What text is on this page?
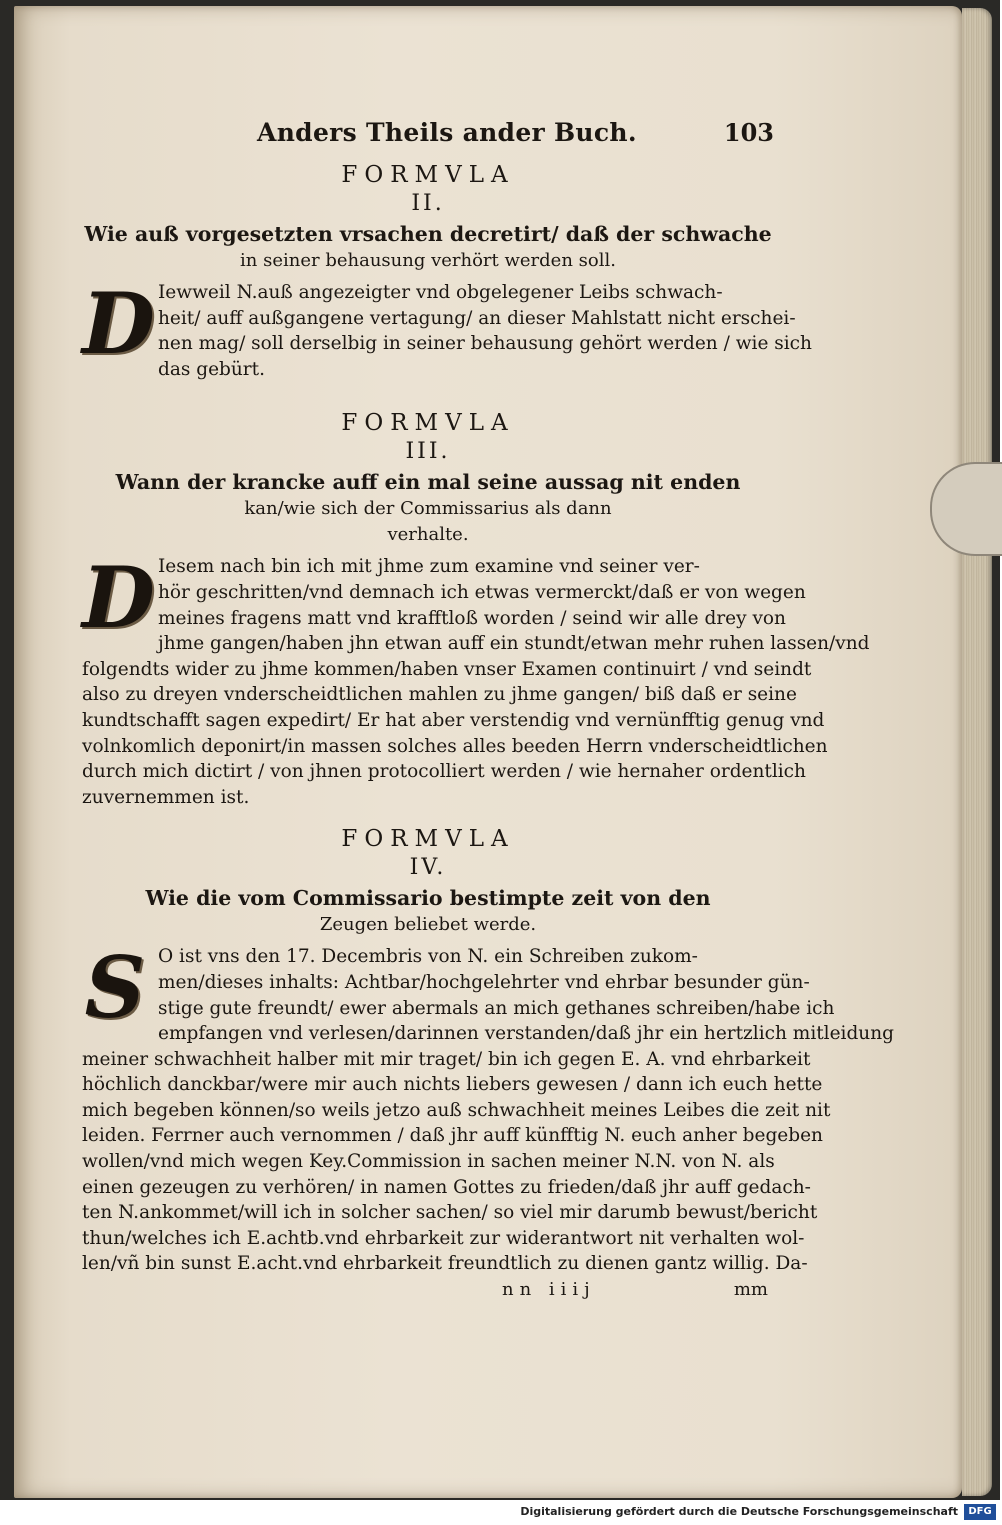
Anders Theils ander Buch.	103

FORMVLA

II.

Wie auß vorgesetzten vrsachen decretirt/ daß der schwache

in seiner behausung verhört werden soll.

D Iewweil N.auß angezeigter vnd obgelegener Leibs schwach-
heit/ auff außgangene vertagung/ an dieser Mahlstatt nicht erschei-
nen mag/ soll derselbig in seiner behausung gehört werden / wie sich
das gebürt.

FORMVLA

III.

Wann der krancke auff ein mal seine aussag nit enden

kan/wie sich der Commissarius als dann

verhalte.

D Iesem nach bin ich mit jhme zum examine vnd seiner ver-
hör geschritten/vnd demnach ich etwas vermerckt/daß er von wegen
meines fragens matt vnd krafftloß worden / seind wir alle drey von
jhme gangen/haben jhn etwan auff ein stundt/etwan mehr ruhen lassen/vnd
folgendts wider zu jhme kommen/haben vnser Examen continuirt / vnd seindt
also zu dreyen vnderscheidtlichen mahlen zu jhme gangen/ biß daß er seine
kundtschafft sagen expedirt/ Er hat aber verstendig vnd vernünfftig genug vnd
volnkomlich deponirt/in massen solches alles beeden Herrn vnderscheidtlichen
durch mich dictirt / von jhnen protocolliert werden / wie hernaher ordentlich
zuvernemmen ist.

FORMVLA

IV.

Wie die vom Commissario bestimpte zeit von den

Zeugen beliebet werde.

S O ist vns den 17. Decembris von N. ein Schreiben zukom-
men/dieses inhalts: Achtbar/hochgelehrter vnd ehrbar besunder gün-
stige gute freundt/ ewer abermals an mich gethanes schreiben/habe ich
empfangen vnd verlesen/darinnen verstanden/daß jhr ein hertzlich mitleidung
meiner schwachheit halber mit mir traget/ bin ich gegen E. A. vnd ehrbarkeit
höchlich danckbar/were mir auch nichts liebers gewesen / dann ich euch hette
mich begeben können/so weils jetzo auß schwachheit meines Leibes die zeit nit
leiden. Ferrner auch vernommen / daß jhr auff künfftig N. euch anher begeben
wollen/vnd mich wegen Key.Commission in sachen meiner N.N. von N. als
einen gezeugen zu verhören/ in namen Gottes zu frieden/daß jhr auff gedach-
ten N.ankommet/will ich in solcher sachen/ so viel mir darumb bewust/bericht
thun/welches ich E.achtb.vnd ehrbarkeit zur widerantwort nit verhalten wol-
len/vñ bin sunst E.acht.vnd ehrbarkeit freundtlich zu dienen gantz willig. Da-
nn iiij	mm
Digitalisierung gefördert durch die Deutsche Forschungsgemeinschaft	DFG
